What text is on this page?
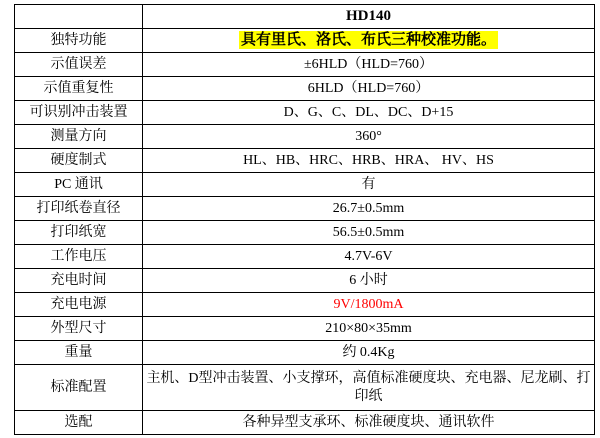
	HD140
独特功能	具有里氏、洛氏、布氏三种校准功能。
示值误差	±6HLD（HLD=760）
示值重复性	6HLD（HLD=760）
可识别冲击装置	D、G、C、DL、DC、D+15
测量方向	360°
硬度制式	HL、HB、HRC、HRB、HRA、 HV、HS
PC 通讯	有
打印纸卷直径	26.7±0.5mm
打印纸宽	56.5±0.5mm
工作电压	4.7V-6V
充电时间	6 小时
充电电源	9V/1800mA
外型尺寸	210×80×35mm
重量	约 0.4Kg
标准配置	主机、D型冲击装置、小支撑环，高值标准硬度块、充电器、尼龙刷、打印纸
选配	各种异型支承环、标准硬度块、通讯软件
